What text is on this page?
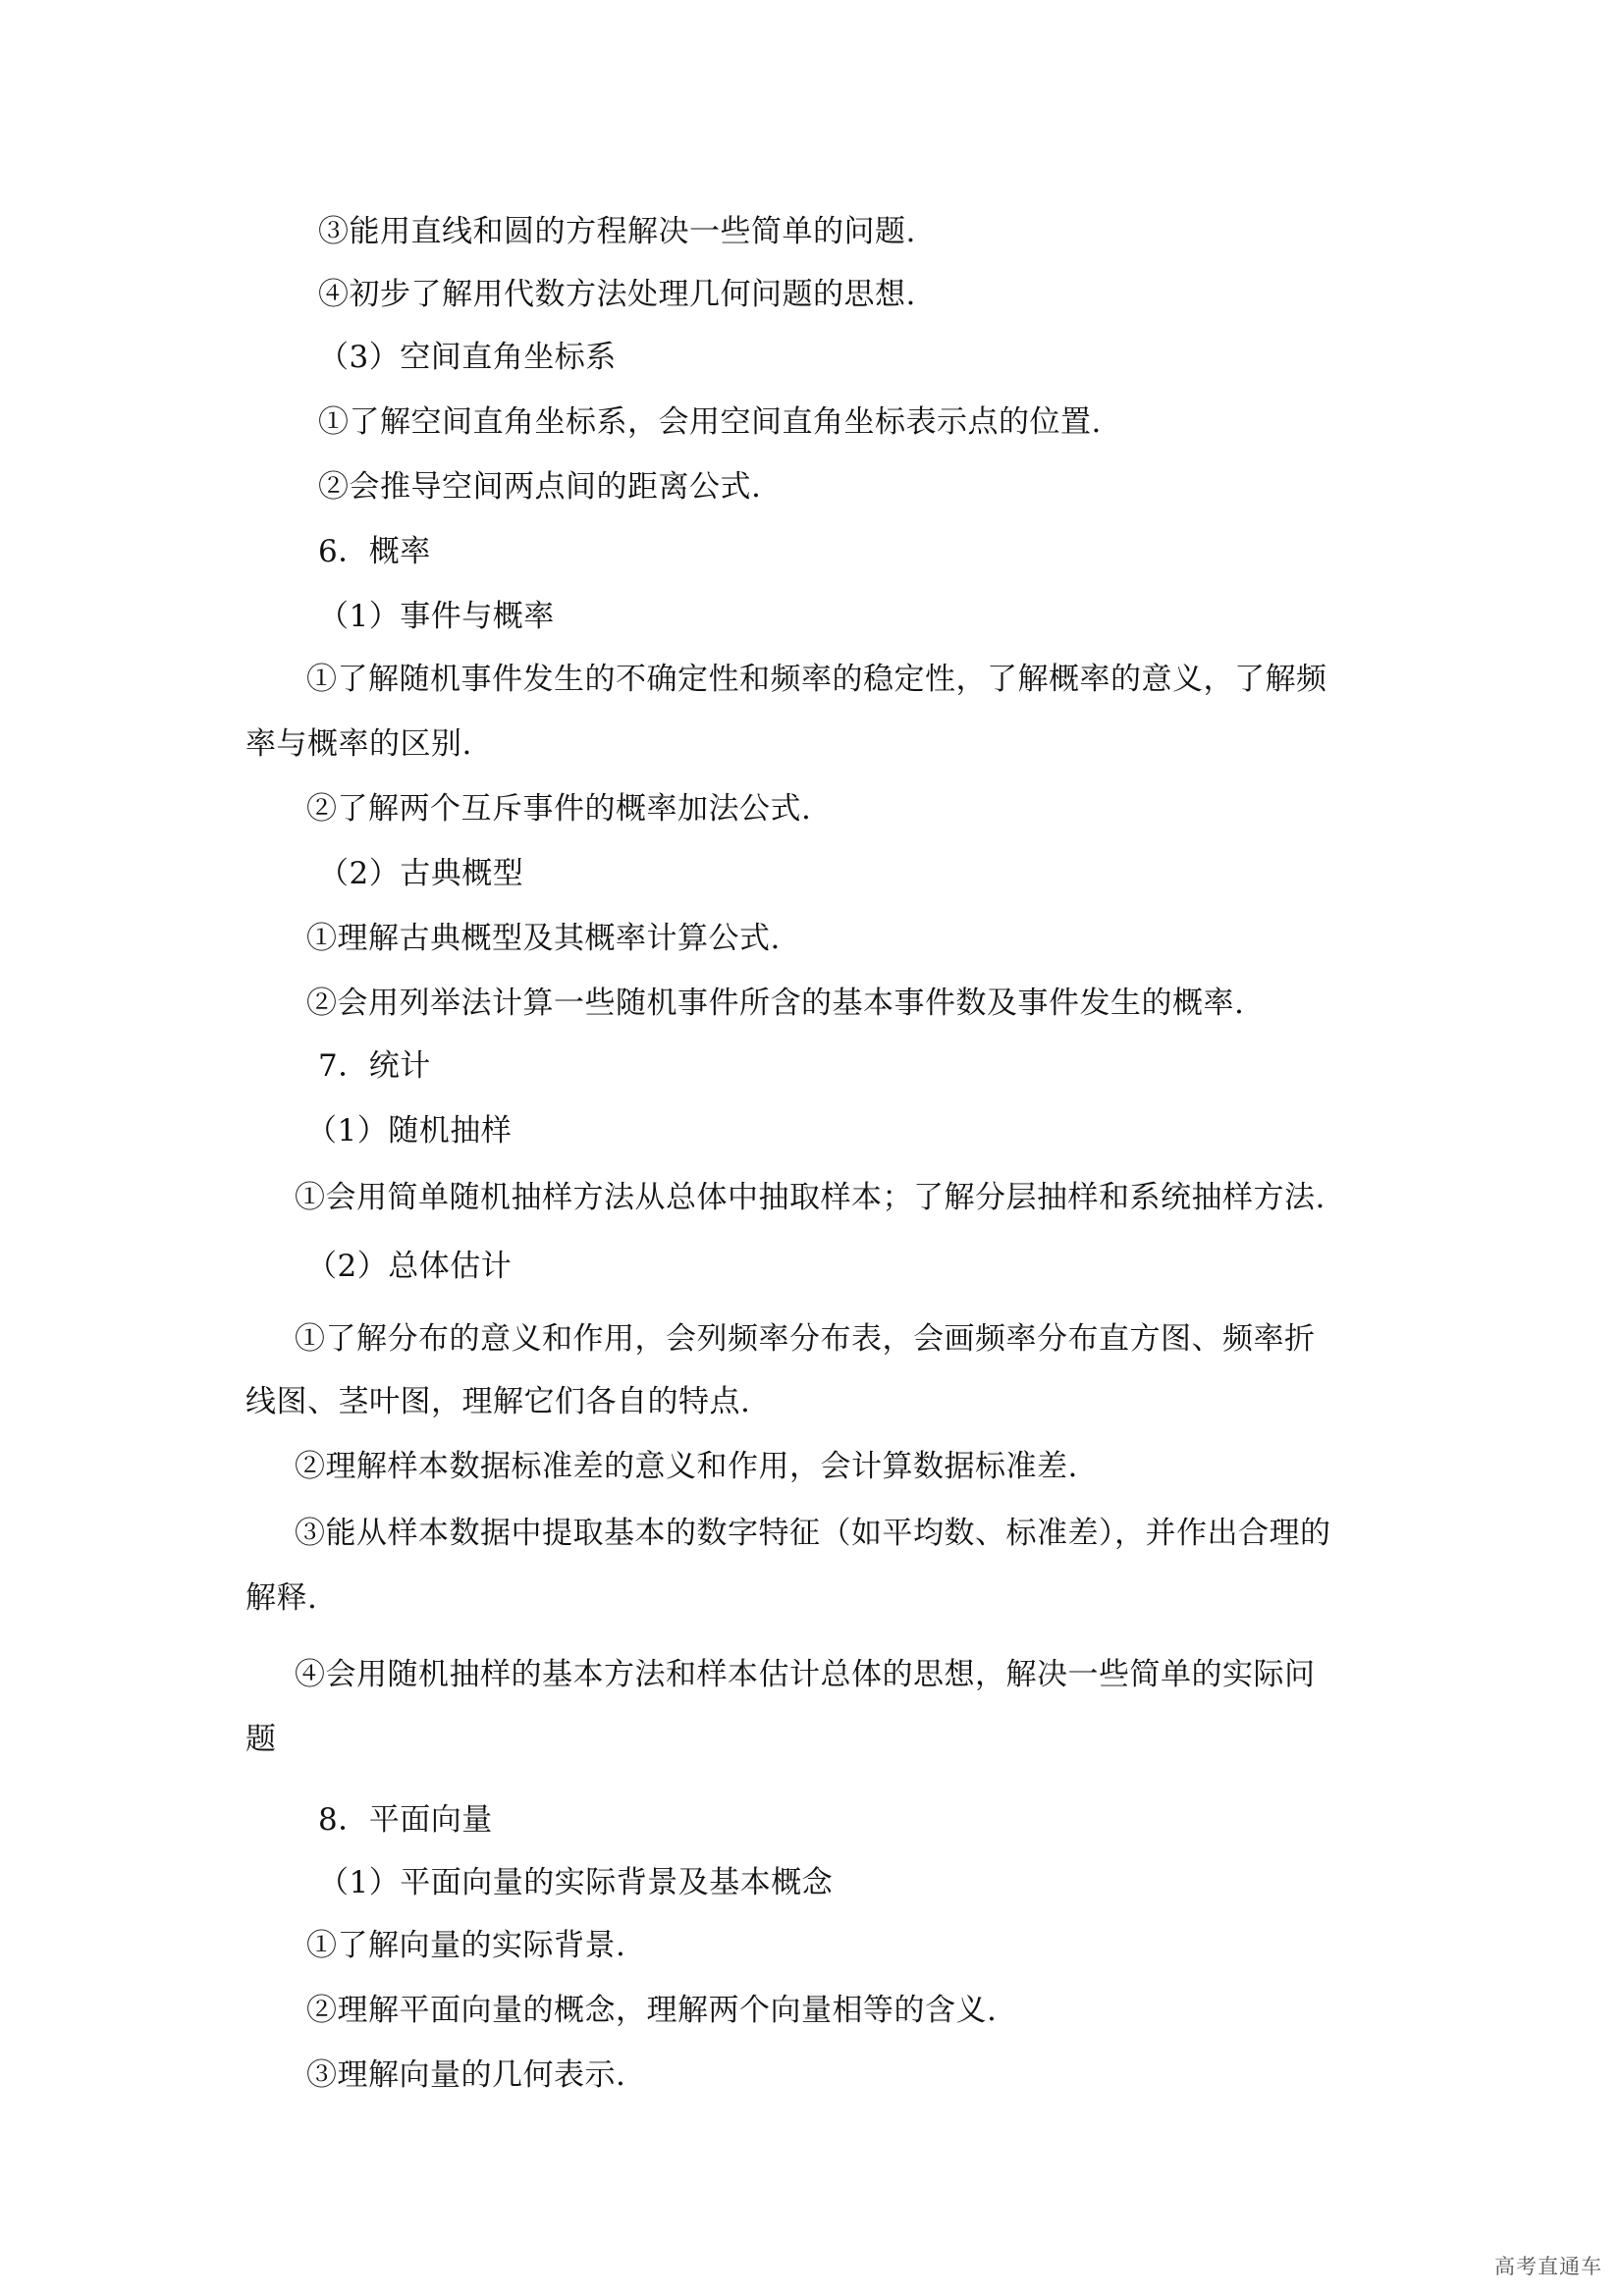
③能用直线和圆的方程解决一些简单的问题.
④初步了解用代数方法处理几何问题的思想.
（3）空间直角坐标系
①了解空间直角坐标系，会用空间直角坐标表示点的位置.
②会推导空间两点间的距离公式.
6．概率
（1）事件与概率
①了解随机事件发生的不确定性和频率的稳定性，了解概率的意义，了解频
率与概率的区别.
②了解两个互斥事件的概率加法公式.
（2）古典概型
①理解古典概型及其概率计算公式.
②会用列举法计算一些随机事件所含的基本事件数及事件发生的概率.
7．统计
（1）随机抽样
①会用简单随机抽样方法从总体中抽取样本；了解分层抽样和系统抽样方法.
（2）总体估计
①了解分布的意义和作用，会列频率分布表，会画频率分布直方图、频率折
线图、茎叶图，理解它们各自的特点.
②理解样本数据标准差的意义和作用，会计算数据标准差.
③能从样本数据中提取基本的数字特征（如平均数、标准差），并作出合理的
解释.
④会用随机抽样的基本方法和样本估计总体的思想，解决一些简单的实际问
题
8．平面向量
（1）平面向量的实际背景及基本概念
①了解向量的实际背景.
②理解平面向量的概念，理解两个向量相等的含义.
③理解向量的几何表示.
高考直通车
